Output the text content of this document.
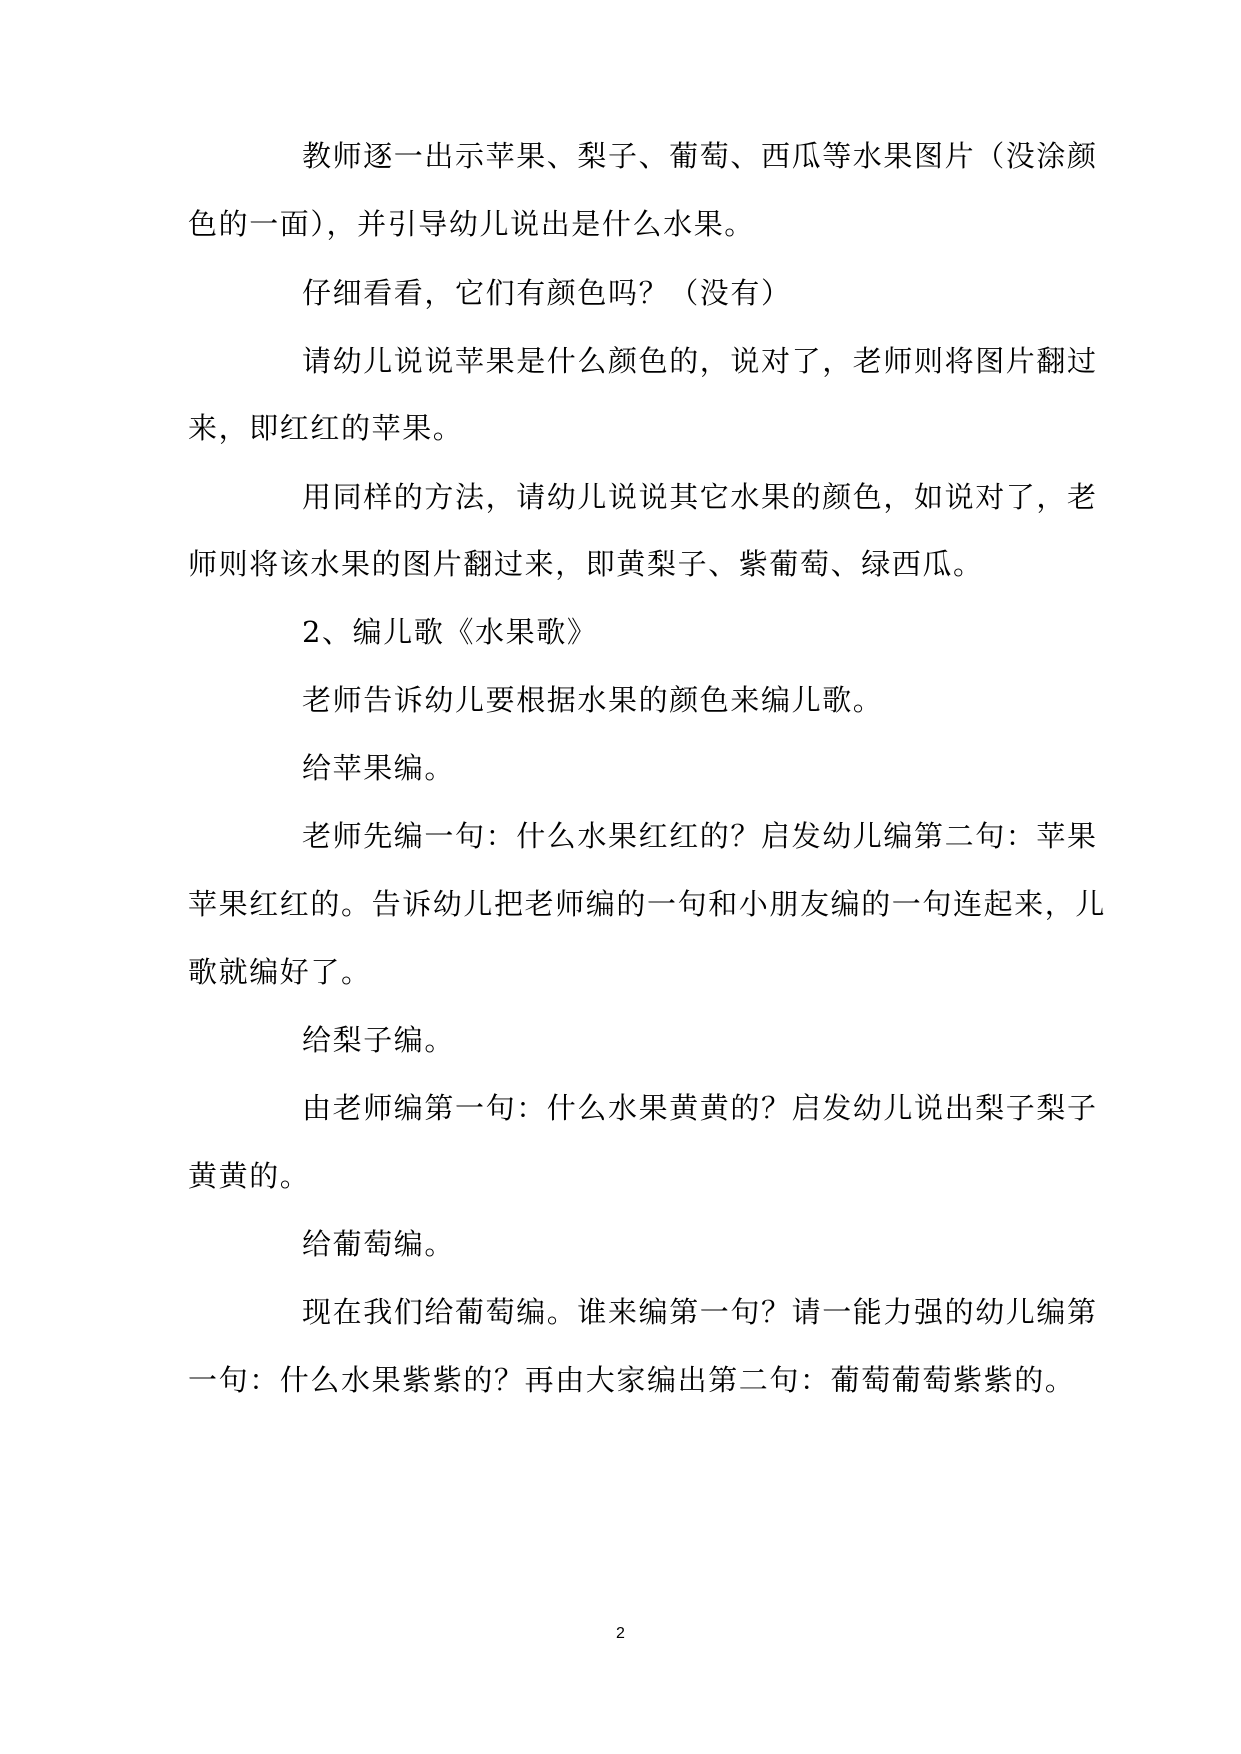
教师逐一出示苹果、梨子、葡萄、西瓜等水果图片（没涂颜
色的一面），并引导幼儿说出是什么水果。
仔细看看，它们有颜色吗？（没有）
请幼儿说说苹果是什么颜色的，说对了，老师则将图片翻过
来，即红红的苹果。
用同样的方法，请幼儿说说其它水果的颜色，如说对了，老
师则将该水果的图片翻过来，即黄梨子、紫葡萄、绿西瓜。
2、编儿歌《水果歌》
老师告诉幼儿要根据水果的颜色来编儿歌。
给苹果编。
老师先编一句：什么水果红红的？启发幼儿编第二句：苹果
苹果红红的。告诉幼儿把老师编的一句和小朋友编的一句连起来，儿
歌就编好了。
给梨子编。
由老师编第一句：什么水果黄黄的？启发幼儿说出梨子梨子
黄黄的。
给葡萄编。
现在我们给葡萄编。谁来编第一句？请一能力强的幼儿编第
一句：什么水果紫紫的？再由大家编出第二句：葡萄葡萄紫紫的。
2
